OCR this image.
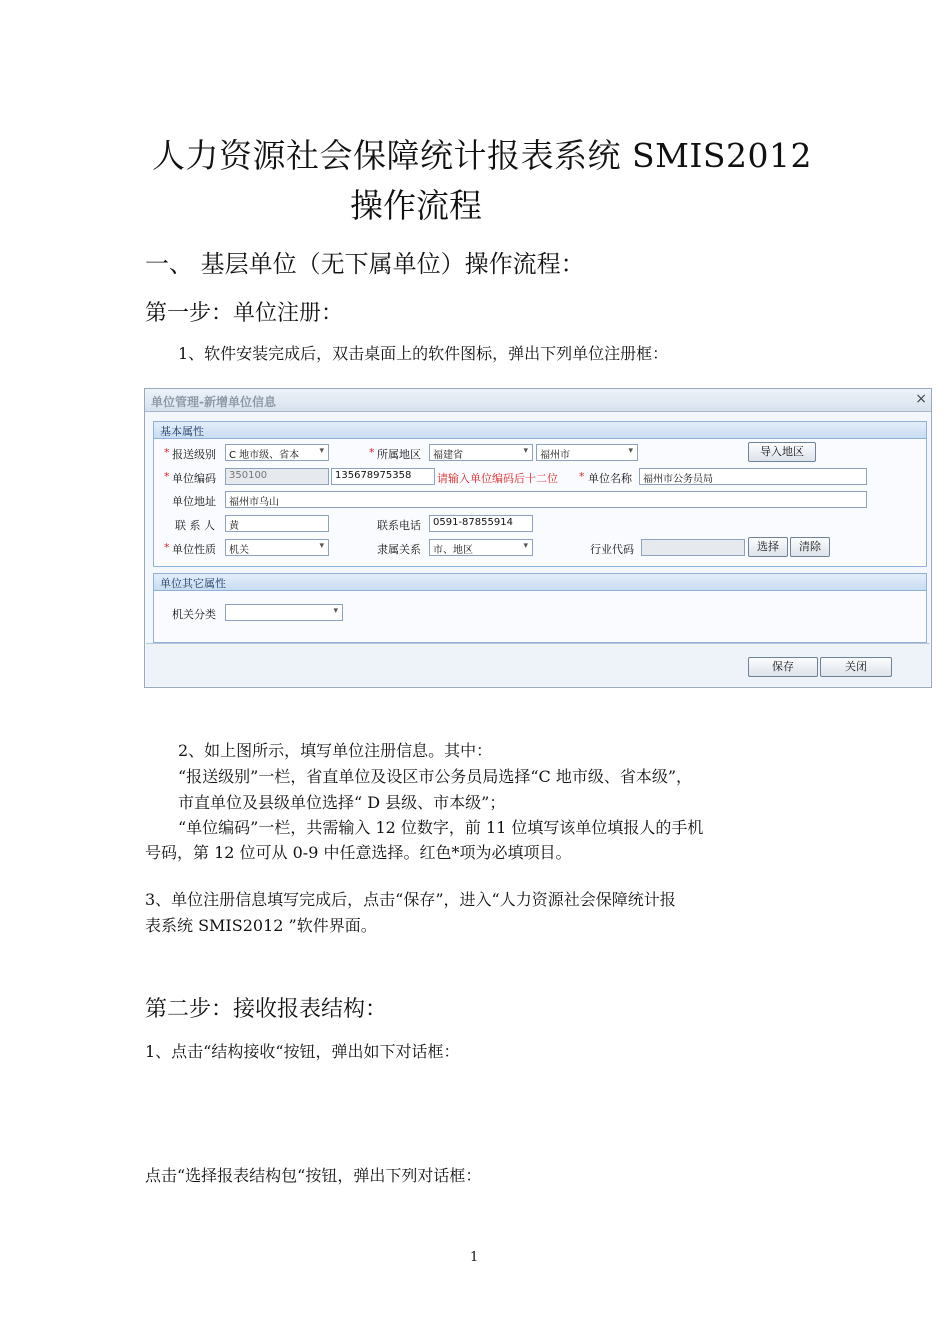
人力资源社会保障统计报表系统 SMIS2012
操作流程
一、 基层单位（无下属单位）操作流程：
第一步：单位注册：
1、软件安装完成后，双击桌面上的软件图标，弹出下列单位注册框：
单位管理-新增单位信息	×
基本属性
* 报送级别	C 地市级、省本 ▾	* 所属地区	福建省 ▾	福州市 ▾	导入地区
* 单位编码	350100	135678975358	请输入单位编码后十二位 * 单位名称	福州市公务员局
单位地址	福州市乌山
联 系 人	黄	联系电话	0591-87855914
* 单位性质	机关 ▾	隶属关系	市、地区 ▾	行业代码	选择	清除
单位其它属性
机关分类
▾
保存	关闭
2、如上图所示，填写单位注册信息。其中：
“报送级别”一栏，省直单位及设区市公务员局选择“C 地市级、省本级”，
市直单位及县级单位选择“ D 县级、市本级”；
“单位编码”一栏，共需输入 12 位数字，前 11 位填写该单位填报人的手机
号码，第 12 位可从 0-9 中任意选择。红色*项为必填项目。
3、单位注册信息填写完成后，点击“保存”，进入“人力资源社会保障统计报
表系统 SMIS2012 ”软件界面。
第二步：接收报表结构：
1、点击“结构接收“按钮，弹出如下对话框：
点击“选择报表结构包“按钮，弹出下列对话框：
1
